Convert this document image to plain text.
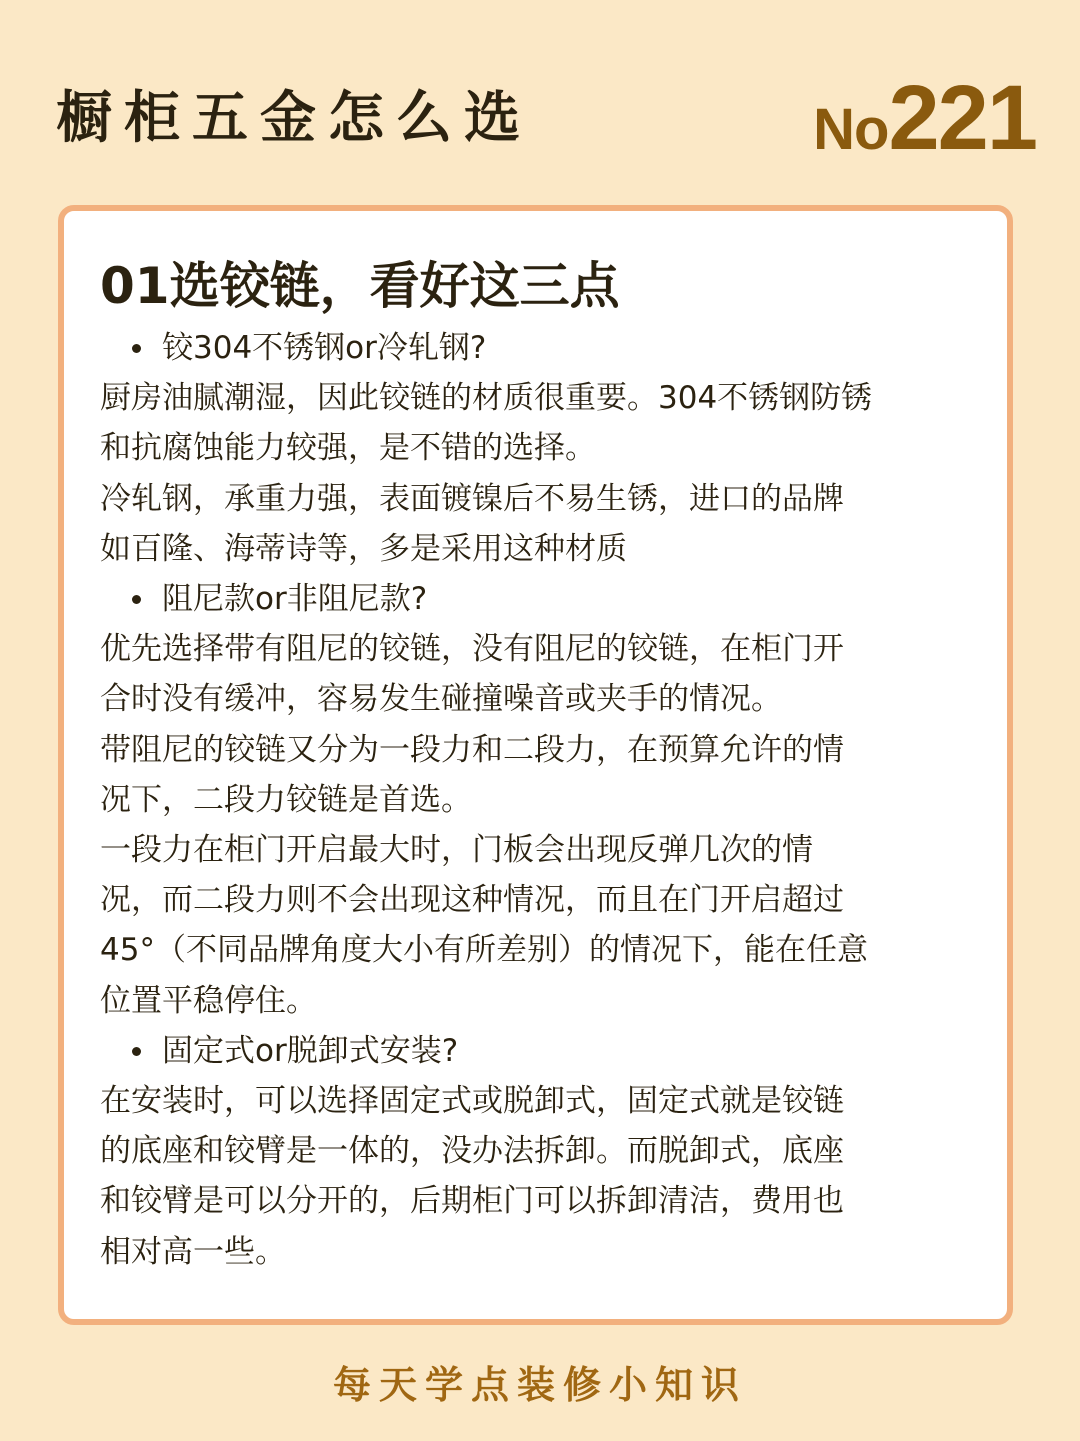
橱柜五金怎么选	No221
01选铰链，看好这三点
铰304不锈钢or冷轧钢?
厨房油腻潮湿，因此铰链的材质很重要。304不锈钢防锈
和抗腐蚀能力较强，是不错的选择。
冷轧钢，承重力强，表面镀镍后不易生锈，进口的品牌
如百隆、海蒂诗等，多是采用这种材质
阻尼款or非阻尼款?
优先选择带有阻尼的铰链，没有阻尼的铰链，在柜门开
合时没有缓冲，容易发生碰撞噪音或夹手的情况。
带阻尼的铰链又分为一段力和二段力，在预算允许的情
况下，二段力铰链是首选。
一段力在柜门开启最大时，门板会出现反弹几次的情
况，而二段力则不会出现这种情况，而且在门开启超过
45°（不同品牌角度大小有所差别）的情况下，能在任意
位置平稳停住。
固定式or脱卸式安装?
在安装时，可以选择固定式或脱卸式，固定式就是铰链
的底座和铰臂是一体的，没办法拆卸。而脱卸式，底座
和铰臂是可以分开的，后期柜门可以拆卸清洁，费用也
相对高一些。
每天学点装修小知识
